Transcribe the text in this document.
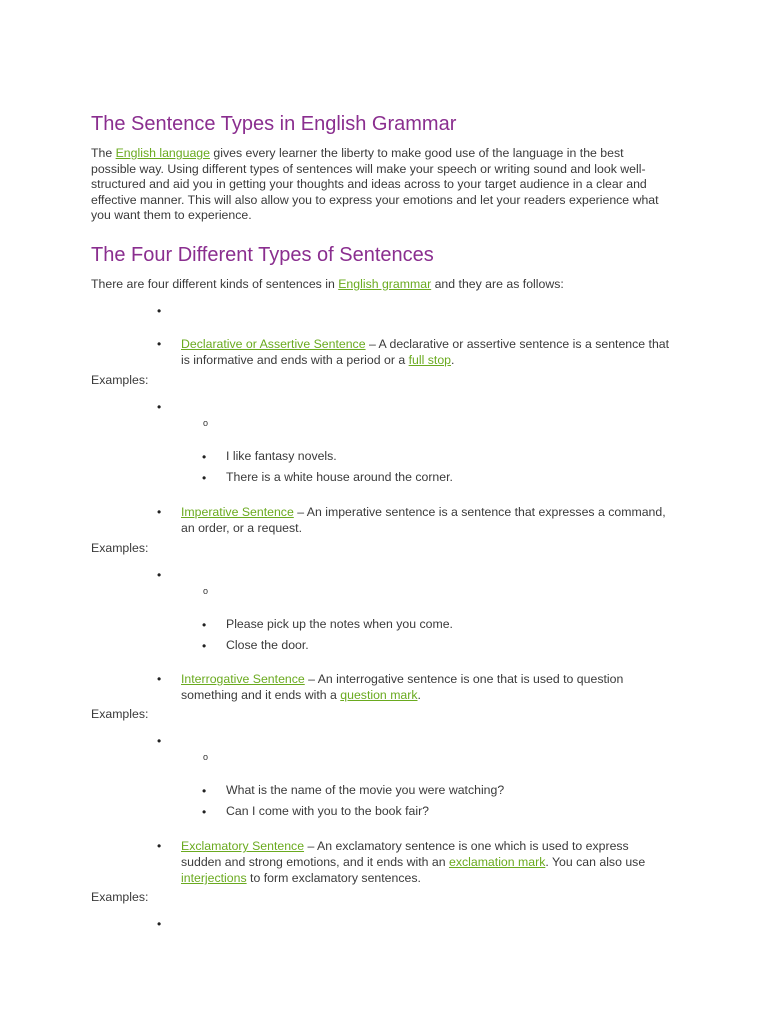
The Sentence Types in English Grammar

The English language gives every learner the liberty to make good use of the language in the best possible way. Using different types of sentences will make your speech or writing sound and look well-structured and aid you in getting your thoughts and ideas across to your target audience in a clear and effective manner. This will also allow you to express your emotions and let your readers experience what you want them to experience.

The Four Different Types of Sentences

There are four different kinds of sentences in English grammar and they are as follows:

•
• Declarative or Assertive Sentence – A declarative or assertive sentence is a sentence that is informative and ends with a period or a full stop.

Examples:
•
o
• I like fantasy novels.
• There is a white house around the corner.
• Imperative Sentence – An imperative sentence is a sentence that expresses a command, an order, or a request.

Examples:
•
o
• Please pick up the notes when you come.
• Close the door.
• Interrogative Sentence – An interrogative sentence is one that is used to question something and it ends with a question mark.

Examples:
•
o
• What is the name of the movie you were watching?
• Can I come with you to the book fair?
• Exclamatory Sentence – An exclamatory sentence is one which is used to express sudden and strong emotions, and it ends with an exclamation mark. You can also use interjections to form exclamatory sentences.

Examples:
•
